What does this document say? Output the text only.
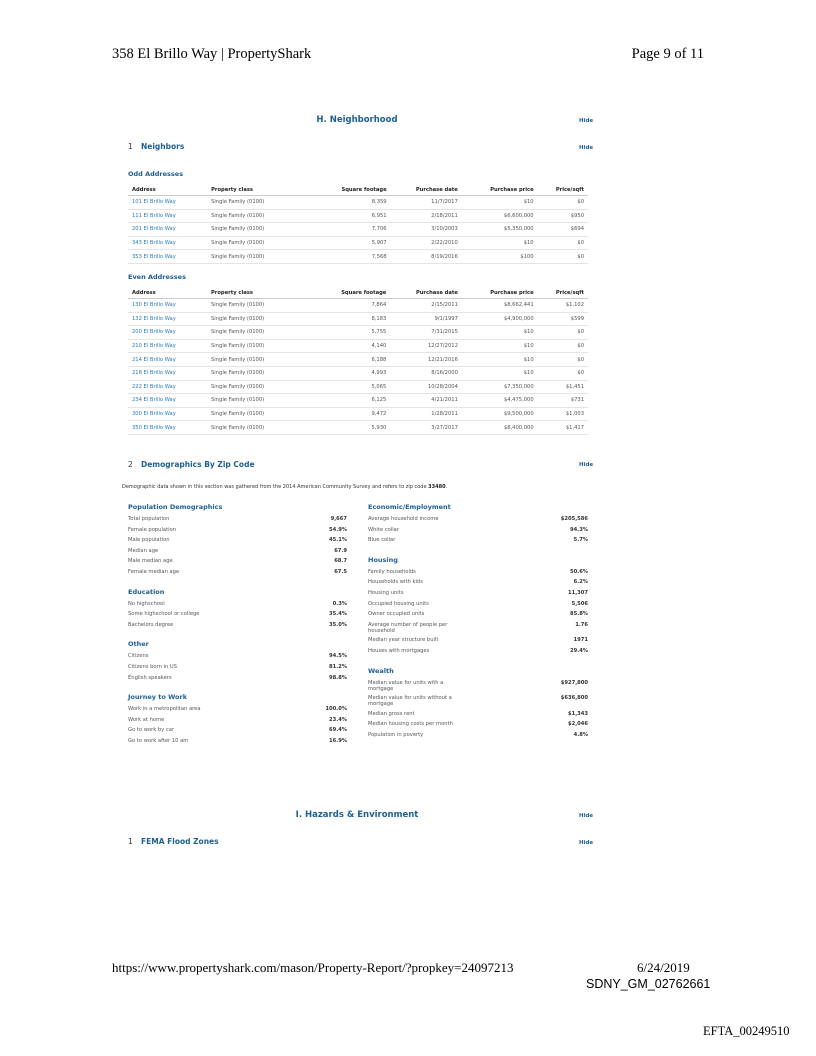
358 El Brillo Way | PropertyShark	Page 9 of 11
H. Neighborhood	Hide
1 Neighbors	Hide
Odd Addresses
Address	Property class	Square footage	Purchase date	Purchase price	Price/sqft
101 El Brillo Way	Single Family (0100)	8,359	11/7/2017	$10	$0
111 El Brillo Way	Single Family (0100)	6,951	2/18/2011	$6,600,000	$950
201 El Brillo Way	Single Family (0100)	7,706	3/10/2003	$5,350,000	$694
343 El Brillo Way	Single Family (0100)	5,907	2/22/2010	$10	$0
353 El Brillo Way	Single Family (0100)	7,568	8/19/2016	$100	$0
Even Addresses
Address	Property class	Square footage	Purchase date	Purchase price	Price/sqft
130 El Brillo Way	Single Family (0100)	7,864	2/15/2011	$8,662,441	$1,102
132 El Brillo Way	Single Family (0100)	8,183	9/1/1997	$4,900,000	$599
200 El Brillo Way	Single Family (0100)	5,755	7/31/2015	$10	$0
210 El Brillo Way	Single Family (0100)	4,140	12/27/2012	$10	$0
214 El Brillo Way	Single Family (0100)	6,188	12/21/2016	$10	$0
218 El Brillo Way	Single Family (0100)	4,993	8/16/2000	$10	$0
222 El Brillo Way	Single Family (0100)	5,065	10/28/2004	$7,350,000	$1,451
234 El Brillo Way	Single Family (0100)	6,125	4/21/2011	$4,475,000	$731
300 El Brillo Way	Single Family (0100)	9,472	1/28/2011	$9,500,000	$1,003
350 El Brillo Way	Single Family (0100)	5,930	3/27/2017	$8,400,000	$1,417
2 Demographics By Zip Code	Hide
Demographic data shown in this section was gathered from the 2014 American Community Survey and refers to zip code 33480.
Population Demographics
Total population	9,667
Female population	54.9%
Male population	45.1%
Median age	67.9
Male median age	68.7
Female median age	67.5
Education
No highschool	0.3%
Some highschool or college	35.4%
Bachelors degree	35.0%
Other
Citizens	94.5%
Citizens born in US	81.2%
English speakers	98.8%
Journey to Work
Work in a metropolitan area	100.0%
Work at home	23.4%
Go to work by car	69.4%
Go to work after 10 am	16.9%
Economic/Employment
Average household income	$205,586
White collar	94.3%
Blue collar	5.7%
Housing
Family households	50.6%
Households with kids	6.2%
Housing units	11,307
Occupied housing units	5,506
Owner occupied units	85.8%
Average number of people per household
1.76
Median year structure built	1971
Houses with mortgages	29.4%
Wealth
Median value for units with a mortgage
$927,800
Median value for units without a mortgage
$636,800
Median gross rent	$1,343
Median housing costs per month	$2,046
Population in poverty	4.8%
I. Hazards & Environment	Hide
1 FEMA Flood Zones	Hide
https://www.propertyshark.com/mason/Property-Report/?propkey=24097213	6/24/2019
SDNY_GM_02762661
EFTA_00249510
